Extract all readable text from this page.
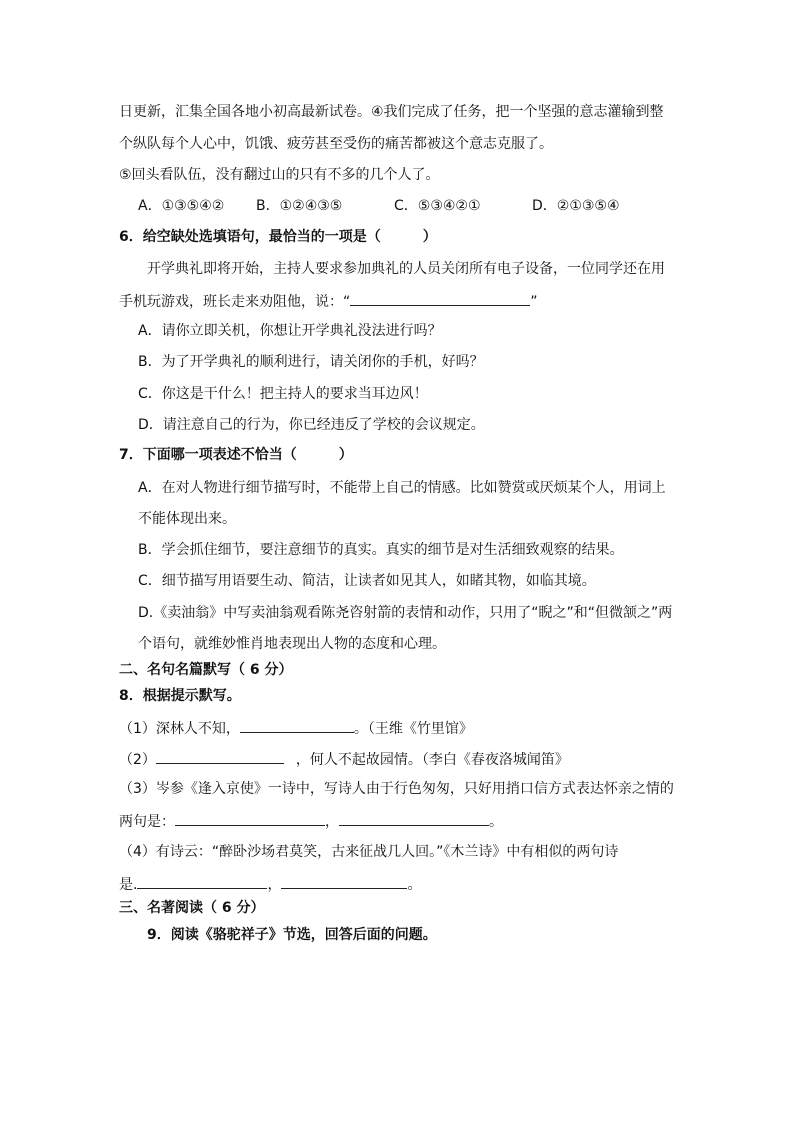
日更新，汇集全国各地小初高最新试卷。④我们完成了任务，把一个坚强的意志灌输到整
个纵队每个人心中，饥饿、疲劳甚至受伤的痛苦都被这个意志克服了。
⑤回头看队伍，没有翻过山的只有不多的几个人了。
A．①③⑤④② B．①②④③⑤	C．⑤③④②①	D．②①③⑤④
6．给空缺处选填语句，最恰当的一项是（　　　）
开学典礼即将开始，主持人要求参加典礼的人员关闭所有电子设备，一位同学还在用
手机玩游戏，班长走来劝阻他，说：“	”
A．请你立即关机，你想让开学典礼没法进行吗？
B．为了开学典礼的顺利进行，请关闭你的手机，好吗？
C．你这是干什么！把主持人的要求当耳边风！
D．请注意自己的行为，你已经违反了学校的会议规定。
7．下面哪一项表述不恰当（　　　）
A．在对人物进行细节描写时，不能带上自己的情感。比如赞赏或厌烦某个人，用词上
不能体现出来。
B．学会抓住细节，要注意细节的真实。真实的细节是对生活细致观察的结果。
C．细节描写用语要生动、简洁，让读者如见其人，如睹其物，如临其境。
D.《卖油翁》中写卖油翁观看陈尧咨射箭的表情和动作，只用了“睨之”和“但微颔之”两
个语句，就维妙惟肖地表现出人物的态度和心理。
二、名句名篇默写（ 6 分）
8．根据提示默写。
（1）深林人不知，	。（王维《竹里馆》
（2）	，何人不起故园情。（李白《春夜洛城闻笛》
（3）岑参《逢入京使》一诗中，写诗人由于行色匆匆，只好用捎口信方式表达怀亲之情的
两句是：	，	。
（4）有诗云：“醉卧沙场君莫笑，古来征战几人回。”《木兰诗》中有相似的两句诗
是.	，	。
三、名著阅读（ 6 分）
9．阅读《骆驼祥子》节选，回答后面的问题。
